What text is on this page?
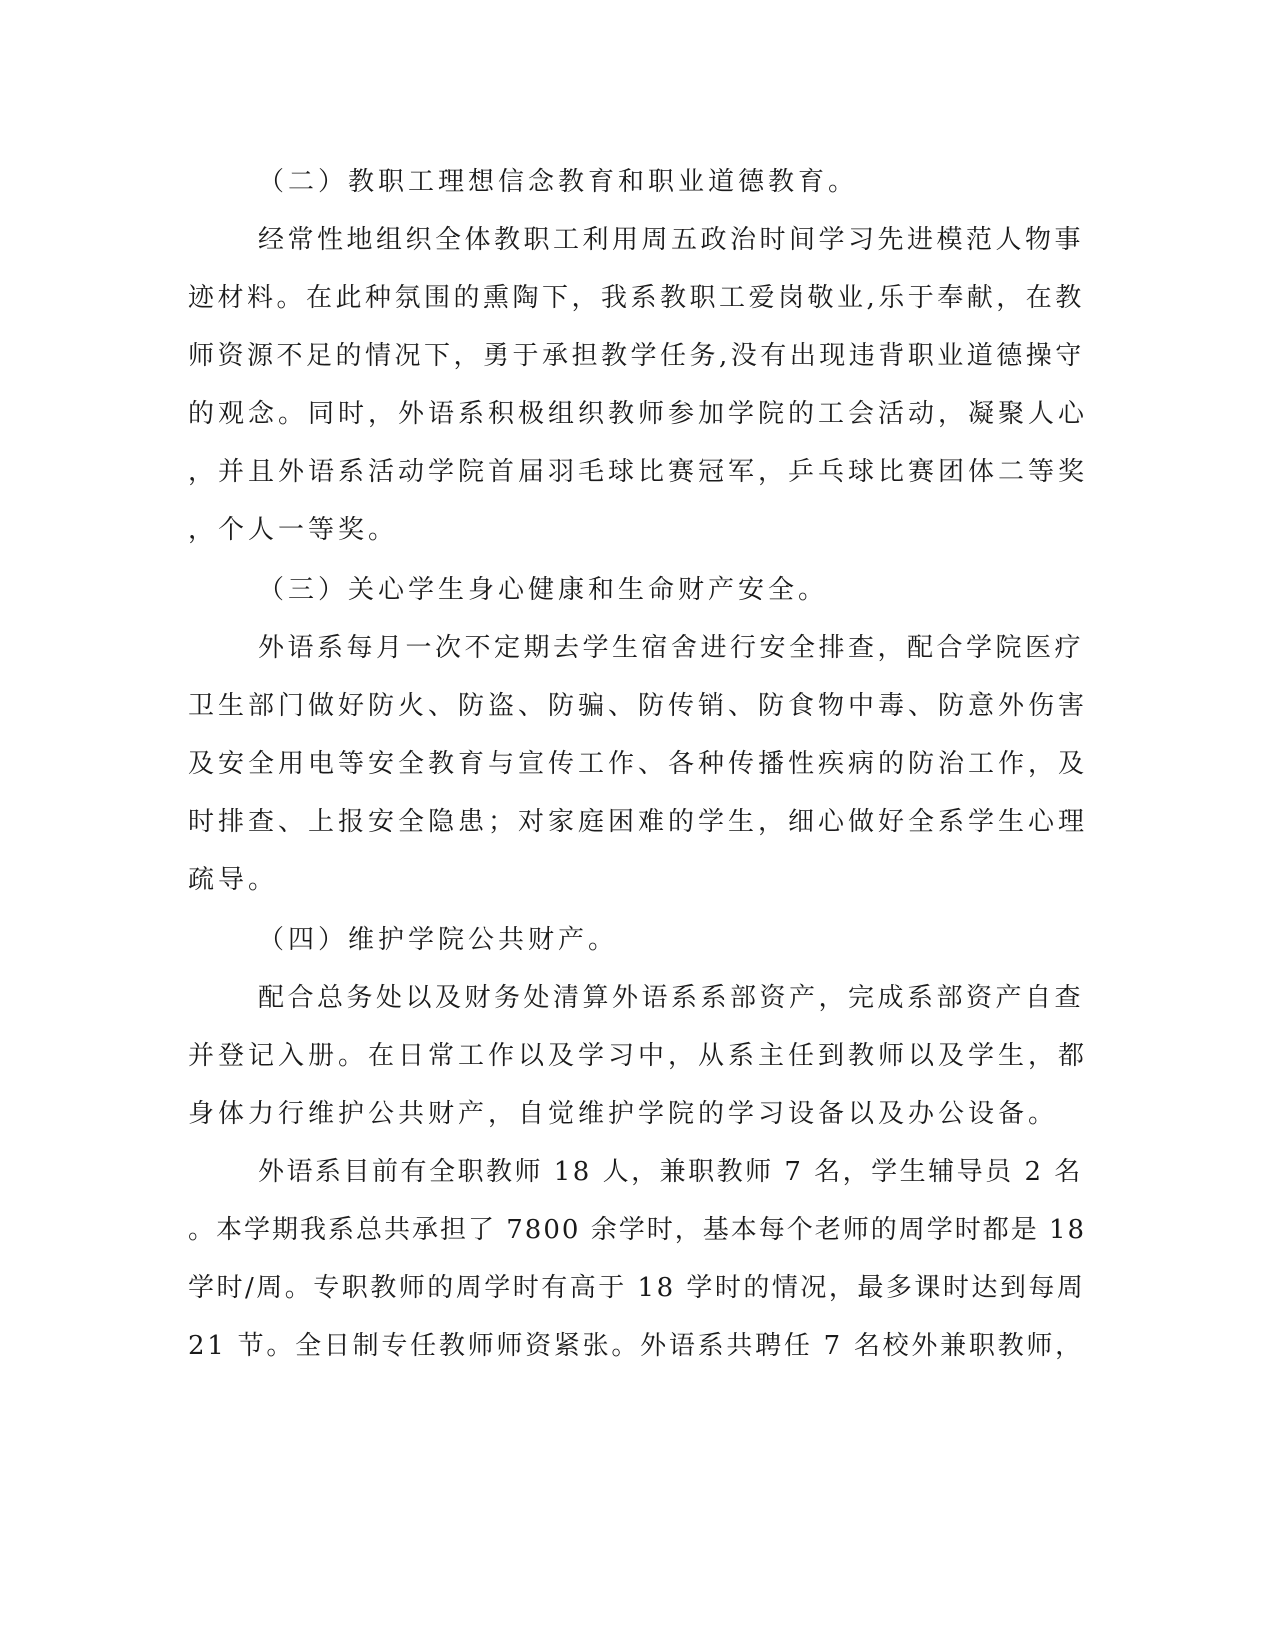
（二）教职工理想信念教育和职业道德教育。
经常性地组织全体教职工利用周五政治时间学习先进模范人物事
迹材料。在此种氛围的熏陶下，我系教职工爱岗敬业,乐于奉献，在教
师资源不足的情况下，勇于承担教学任务,没有出现违背职业道德操守
的观念。同时，外语系积极组织教师参加学院的工会活动，凝聚人心
，并且外语系活动学院首届羽毛球比赛冠军，乒乓球比赛团体二等奖
，个人一等奖。
（三）关心学生身心健康和生命财产安全。
外语系每月一次不定期去学生宿舍进行安全排查，配合学院医疗
卫生部门做好防火、防盗、防骗、防传销、防食物中毒、防意外伤害
及安全用电等安全教育与宣传工作、各种传播性疾病的防治工作，及
时排查、上报安全隐患；对家庭困难的学生，细心做好全系学生心理
疏导。
（四）维护学院公共财产。
配合总务处以及财务处清算外语系系部资产，完成系部资产自查
并登记入册。在日常工作以及学习中，从系主任到教师以及学生，都
身体力行维护公共财产，自觉维护学院的学习设备以及办公设备。
外语系目前有全职教师 18 人，兼职教师 7 名，学生辅导员 2 名
。本学期我系总共承担了 7800 余学时，基本每个老师的周学时都是 18
学时/周。专职教师的周学时有高于 18 学时的情况，最多课时达到每周
21 节。全日制专任教师师资紧张。外语系共聘任 7 名校外兼职教师，
